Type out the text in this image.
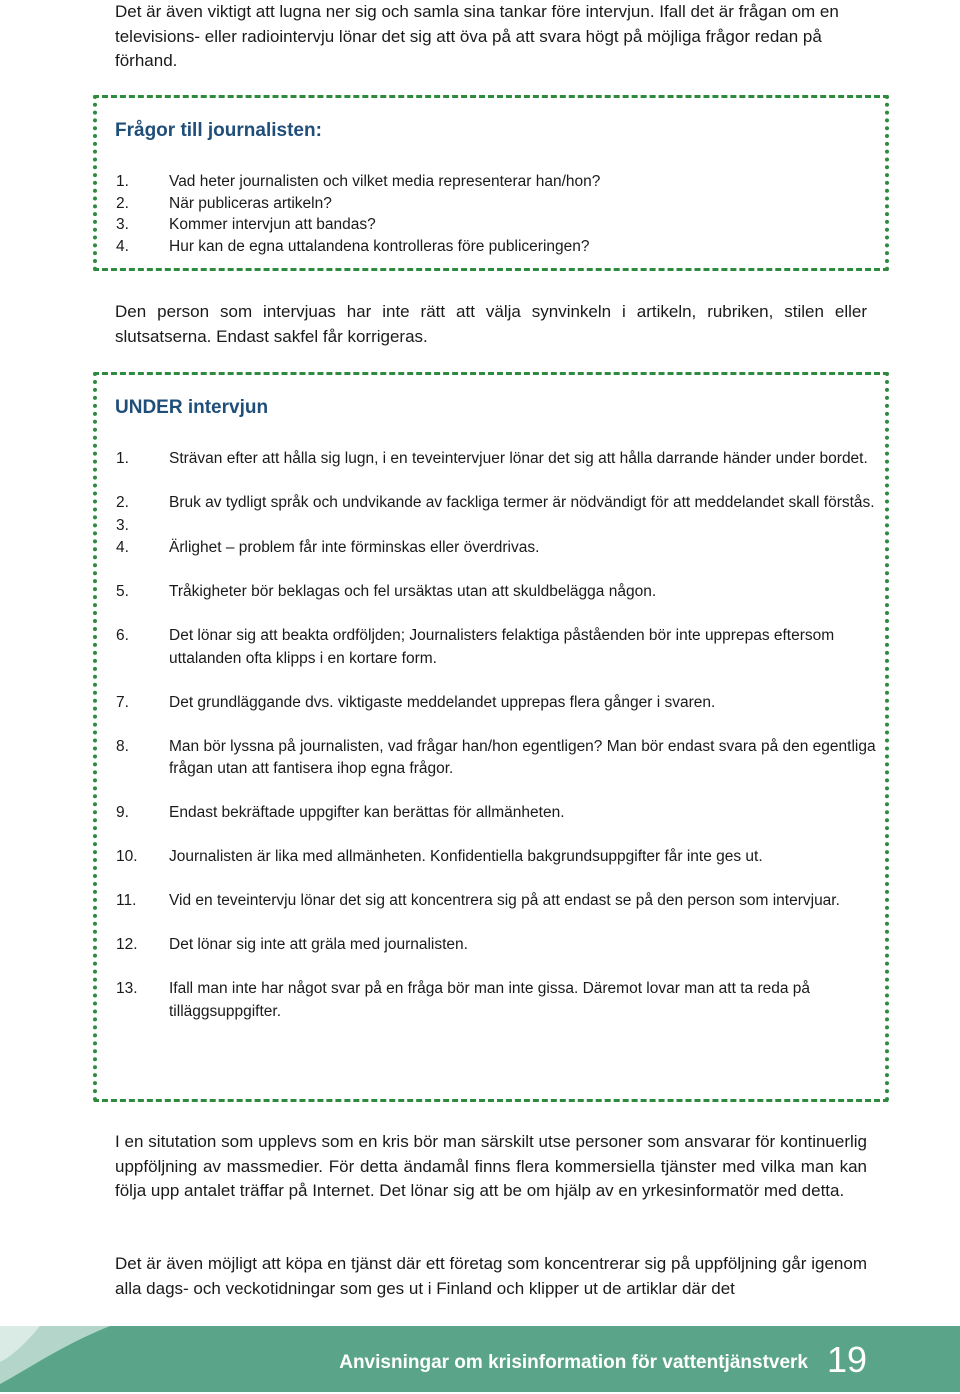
Det är även viktigt att lugna ner sig och samla sina tankar före intervjun. Ifall det är frågan om en televisions- eller radiointervju lönar det sig att öva på att svara högt på möjliga frågor redan på förhand.

Frågor till journalisten:
1.	Vad heter journalisten och vilket media representerar han/hon?
2.	När publiceras artikeln?
3.	Kommer intervjun att bandas?
4.	Hur kan de egna uttalandena kontrolleras före publiceringen?

Den person som intervjuas har inte rätt att välja synvinkeln i artikeln, rubriken, stilen eller slutsatserna. Endast sakfel får korrigeras.

UNDER intervjun
1.	Strävan efter att hålla sig lugn, i en teveintervjuer lönar det sig att hålla darrande händer under bordet.
2.	Bruk av tydligt språk och undvikande av fackliga termer är nödvändigt för att meddelandet skall förstås.
3.
4.	Ärlighet – problem får inte förminskas eller överdrivas.
5.	Tråkigheter bör beklagas och fel ursäktas utan att skuldbelägga någon.
6.	Det lönar sig att beakta ordföljden; Journalisters felaktiga påståenden bör inte upprepas eftersom uttalanden ofta klipps i en kortare form.
7.	Det grundläggande dvs. viktigaste meddelandet upprepas flera gånger i svaren.
8.	Man bör lyssna på journalisten, vad frågar han/hon egentligen? Man bör endast svara på den egentliga frågan utan att fantisera ihop egna frågor.
9.	Endast bekräftade uppgifter kan berättas för allmänheten.
10. Journalisten är lika med allmänheten. Konfidentiella bakgrundsuppgifter får inte ges ut.
11. Vid en teveintervju lönar det sig att koncentrera sig på att endast se på den person som intervjuar.
12. Det lönar sig inte att gräla med journalisten.
13. Ifall man inte har något svar på en fråga bör man inte gissa. Däremot lovar man att ta reda på tilläggsuppgifter.

I en situtation som upplevs som en kris bör man särskilt utse personer som ansvarar för kontinuerlig uppföljning av massmedier. För detta ändamål finns flera kommersiella tjänster med vilka man kan följa upp antalet träffar på Internet. Det lönar sig att be om hjälp av en yrkesinformatör med detta.

Det är även möjligt att köpa en tjänst där ett företag som koncentrerar sig på uppföljning går igenom alla dags- och veckotidningar som ges ut i Finland och klipper ut de artiklar där det

Anvisningar om krisinformation för vattentjänstverk 19
